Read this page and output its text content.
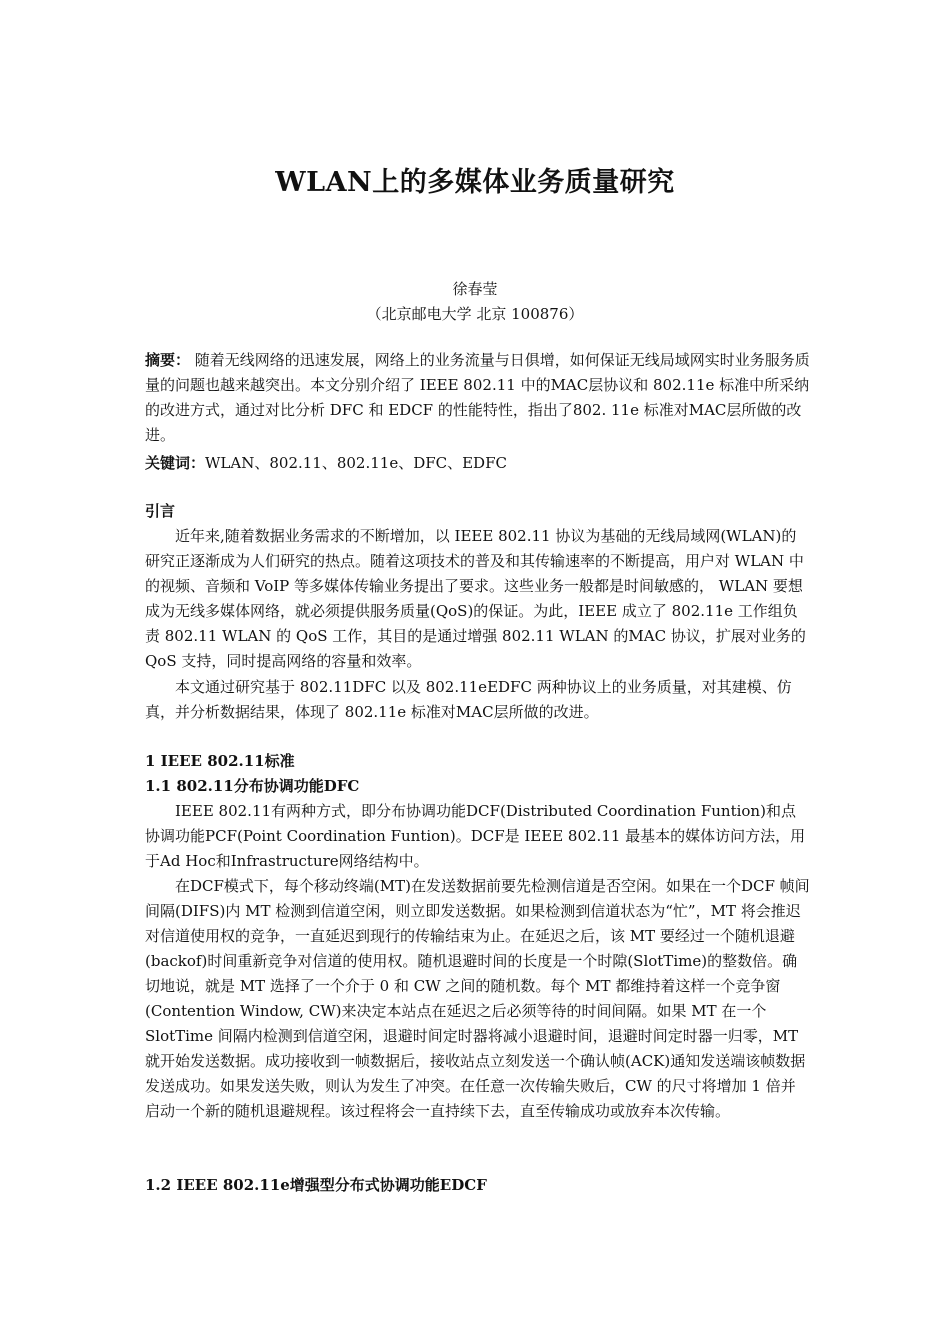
WLAN上的多媒体业务质量研究
徐春莹
（北京邮电大学 北京 100876）

摘要： 随着无线网络的迅速发展，网络上的业务流量与日俱增，如何保证无线局域网实时业务服务质量的问题也越来越突出。本文分别介绍了 IEEE 802.11 中的MAC层协议和 802.11e 标准中所采纳的改进方式，通过对比分析 DFC 和 EDCF 的性能特性，指出了802. 11e 标准对MAC层所做的改进。

关键词：WLAN、802.11、802.11e、DFC、EDFC

引言

近年来,随着数据业务需求的不断增加，以 IEEE 802.11 协议为基础的无线局域网(WLAN)的研究正逐渐成为人们研究的热点。随着这项技术的普及和其传输速率的不断提高，用户对 WLAN 中的视频、音频和 VoIP 等多媒体传输业务提出了要求。这些业务一般都是时间敏感的， WLAN 要想成为无线多媒体网络，就必须提供服务质量(QoS)的保证。为此，IEEE 成立了 802.11e 工作组负责 802.11 WLAN 的 QoS 工作，其目的是通过增强 802.11 WLAN 的MAC 协议，扩展对业务的 QoS 支持，同时提高网络的容量和效率。

本文通过研究基于 802.11DFC 以及 802.11eEDFC 两种协议上的业务质量，对其建模、仿真，并分析数据结果，体现了 802.11e 标准对MAC层所做的改进。

1 IEEE 802.11标准
1.1 802.11分布协调功能DFC

IEEE 802.11有两种方式，即分布协调功能DCF(Distributed Coordination Funtion)和点协调功能PCF(Point Coordination Funtion)。DCF是 IEEE 802.11 最基本的媒体访问方法，用于Ad Hoc和Infrastructure网络结构中。

在DCF模式下，每个移动终端(MT)在发送数据前要先检测信道是否空闲。如果在一个DCF 帧间间隔(DIFS)内 MT 检测到信道空闲，则立即发送数据。如果检测到信道状态为“忙”，MT 将会推迟对信道使用权的竞争，一直延迟到现行的传输结束为止。在延迟之后，该 MT 要经过一个随机退避(backof)时间重新竞争对信道的使用权。随机退避时间的长度是一个时隙(SlotTime)的整数倍。确切地说，就是 MT 选择了一个介于 0 和 CW 之间的随机数。每个 MT 都维持着这样一个竞争窗(Contention Window, CW)来决定本站点在延迟之后必须等待的时间间隔。如果 MT 在一个 SlotTime 间隔内检测到信道空闲，退避时间定时器将减小退避时间，退避时间定时器一归零，MT 就开始发送数据。成功接收到一帧数据后，接收站点立刻发送一个确认帧(ACK)通知发送端该帧数据发送成功。如果发送失败，则认为发生了冲突。在任意一次传输失败后，CW 的尺寸将增加 1 倍并启动一个新的随机退避规程。该过程将会一直持续下去，直至传输成功或放弃本次传输。

1.2 IEEE 802.11e增强型分布式协调功能EDCF
